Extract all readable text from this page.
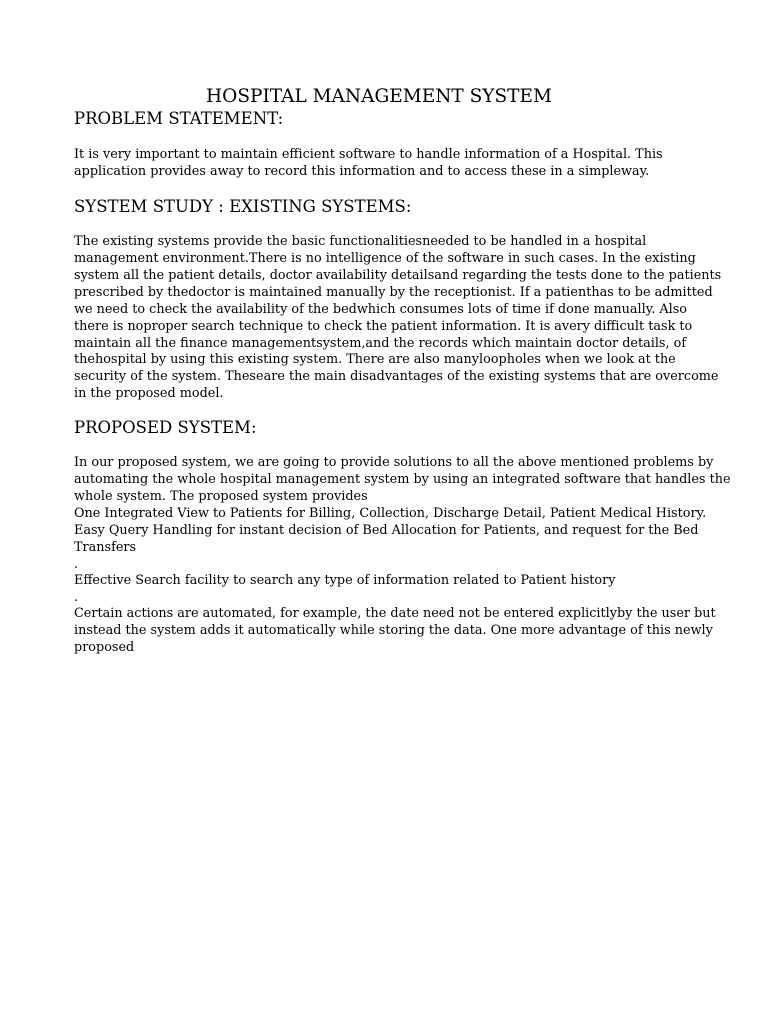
HOSPITAL MANAGEMENT SYSTEM
PROBLEM STATEMENT:
It is very important to maintain efficient software to handle information of a Hospital. This
application provides away to record this information and to access these in a simpleway.
SYSTEM STUDY : EXISTING SYSTEMS:
The existing systems provide the basic functionalitiesneeded to be handled in a hospital
management environment.There is no intelligence of the software in such cases. In the existing
system all the patient details, doctor availability detailsand regarding the tests done to the patients
prescribed by thedoctor is maintained manually by the receptionist. If a patienthas to be admitted
we need to check the availability of the bedwhich consumes lots of time if done manually. Also
there is noproper search technique to check the patient information. It is avery difficult task to
maintain all the finance managementsystem,and the records which maintain doctor details, of
thehospital by using this existing system. There are also manyloopholes when we look at the
security of the system. Theseare the main disadvantages of the existing systems that are overcome
in the proposed model.
PROPOSED SYSTEM:
In our proposed system, we are going to provide solutions to all the above mentioned problems by
automating the whole hospital management system by using an integrated software that handles the
whole system. The proposed system provides
One Integrated View to Patients for Billing, Collection, Discharge Detail, Patient Medical History.
Easy Query Handling for instant decision of Bed Allocation for Patients, and request for the Bed
Transfers
.
Effective Search facility to search any type of information related to Patient history
.
Certain actions are automated, for example, the date need not be entered explicitlyby the user but
instead the system adds it automatically while storing the data. One more advantage of this newly
proposed
